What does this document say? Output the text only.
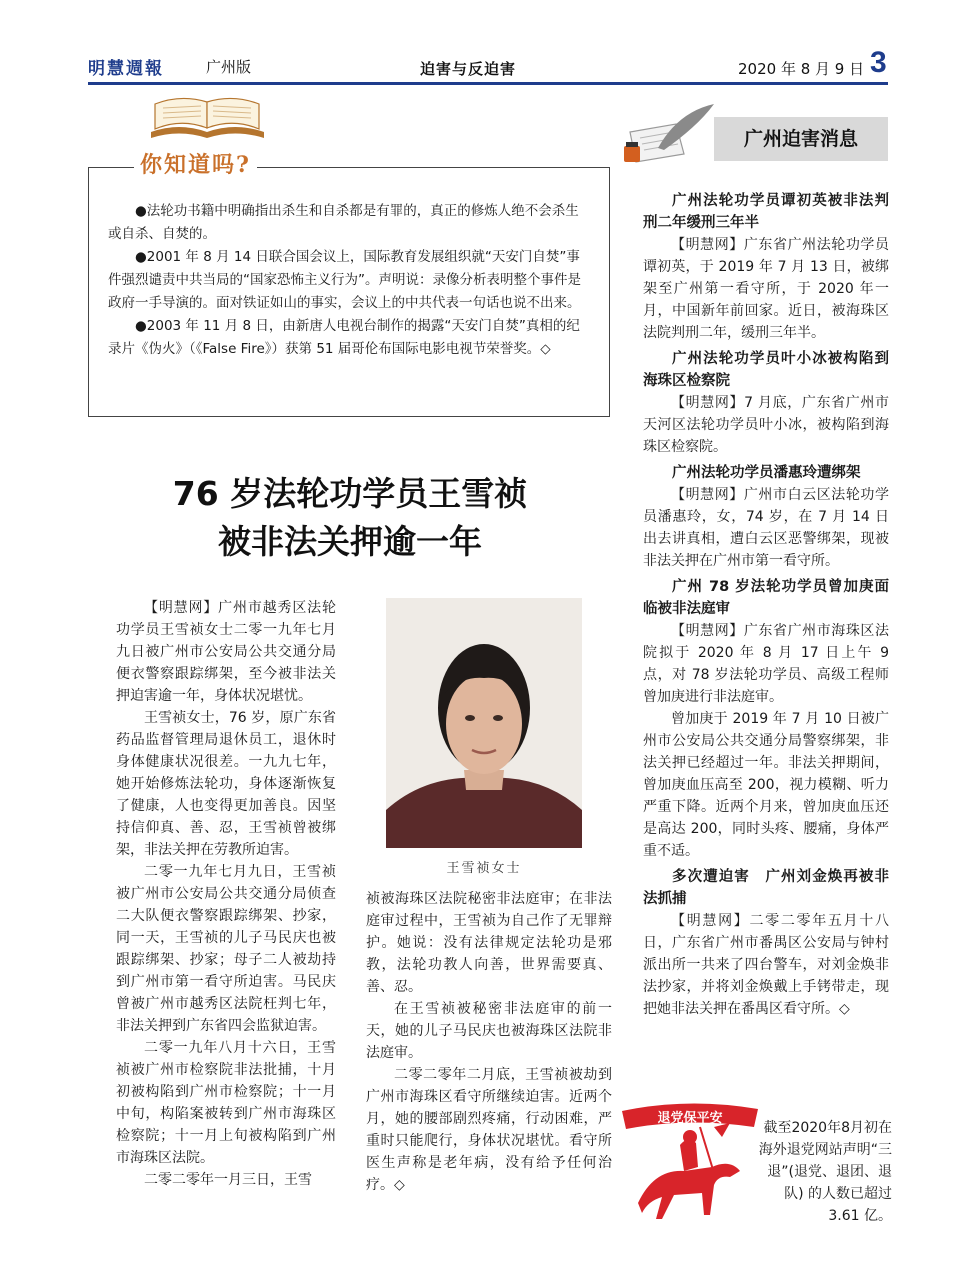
明慧週報	广州版	迫害与反迫害	2020 年 8 月 9 日 3
你知道吗?

●法轮功书籍中明确指出杀生和自杀都是有罪的，真正的修炼人绝不会杀生或自杀、自焚的。

●2001 年 8 月 14 日联合国会议上，国际教育发展组织就“天安门自焚”事件强烈谴责中共当局的“国家恐怖主义行为”。声明说：录像分析表明整个事件是政府一手导演的。面对铁证如山的事实，会议上的中共代表一句话也说不出来。

●2003 年 11 月 8 日，由新唐人电视台制作的揭露“天安门自焚”真相的纪录片《伪火》（《False Fire》）获第 51 届哥伦布国际电影电视节荣誉奖。◇

广州迫害消息
76 岁法轮功学员王雪祯
被非法关押逾一年

【明慧网】广州市越秀区法轮功学员王雪祯女士二零一九年七月九日被广州市公安局公共交通分局便衣警察跟踪绑架，至今被非法关押迫害逾一年，身体状况堪忧。

王雪祯女士，76 岁，原广东省药品监督管理局退休员工，退休时身体健康状况很差。一九九七年，她开始修炼法轮功，身体逐渐恢复了健康，人也变得更加善良。因坚持信仰真、善、忍，王雪祯曾被绑架，非法关押在劳教所迫害。

二零一九年七月九日，王雪祯被广州市公安局公共交通分局侦查二大队便衣警察跟踪绑架、抄家，同一天，王雪祯的儿子马民庆也被跟踪绑架、抄家；母子二人被劫持到广州市第一看守所迫害。马民庆曾被广州市越秀区法院枉判七年，非法关押到广东省四会监狱迫害。

二零一九年八月十六日，王雪祯被广州市检察院非法批捕，十月初被构陷到广州市检察院；十一月中旬，构陷案被转到广州市海珠区检察院；十一月上旬被构陷到广州市海珠区法院。

二零二零年一月三日，王雪

王雪祯女士

祯被海珠区法院秘密非法庭审；在非法庭审过程中，王雪祯为自己作了无罪辩护。她说：没有法律规定法轮功是邪教，法轮功教人向善，世界需要真、善、忍。

在王雪祯被秘密非法庭审的前一天，她的儿子马民庆也被海珠区法院非法庭审。

二零二零年二月底，王雪祯被劫到广州市海珠区看守所继续迫害。近两个月，她的腰部剧烈疼痛，行动困难，严重时只能爬行，身体状况堪忧。看守所医生声称是老年病，没有给予任何治疗。◇

广州法轮功学员谭初英被非法判刑二年缓刑三年半

【明慧网】广东省广州法轮功学员谭初英，于 2019 年 7 月 13 日，被绑架至广州第一看守所，于 2020 年一月，中国新年前回家。近日，被海珠区法院判刑二年，缓刑三年半。

广州法轮功学员叶小冰被构陷到海珠区检察院

【明慧网】7 月底，广东省广州市天河区法轮功学员叶小冰，被构陷到海珠区检察院。

广州法轮功学员潘惠玲遭绑架

【明慧网】广州市白云区法轮功学员潘惠玲，女，74 岁，在 7 月 14 日出去讲真相，遭白云区恶警绑架，现被非法关押在广州市第一看守所。

广州 78 岁法轮功学员曾加庚面临被非法庭审

【明慧网】广东省广州市海珠区法院拟于 2020 年 8 月 17 日上午 9 点，对 78 岁法轮功学员、高级工程师曾加庚进行非法庭审。

曾加庚于 2019 年 7 月 10 日被广州市公安局公共交通分局警察绑架，非法关押已经超过一年。非法关押期间，曾加庚血压高至 200，视力模糊、听力严重下降。近两个月来，曾加庚血压还是高达 200，同时头疼、腰痛，身体严重不适。

多次遭迫害　广州刘金焕再被非法抓捕

【明慧网】二零二零年五月十八日，广东省广州市番禺区公安局与钟村派出所一共来了四台警车，对刘金焕非法抄家，并将刘金焕戴上手铐带走，现把她非法关押在番禺区看守所。◇

退党保平安
截至2020年8月初在海外退党网站声明“三退”(退党、退团、退队) 的人数已超过 3.61 亿。
